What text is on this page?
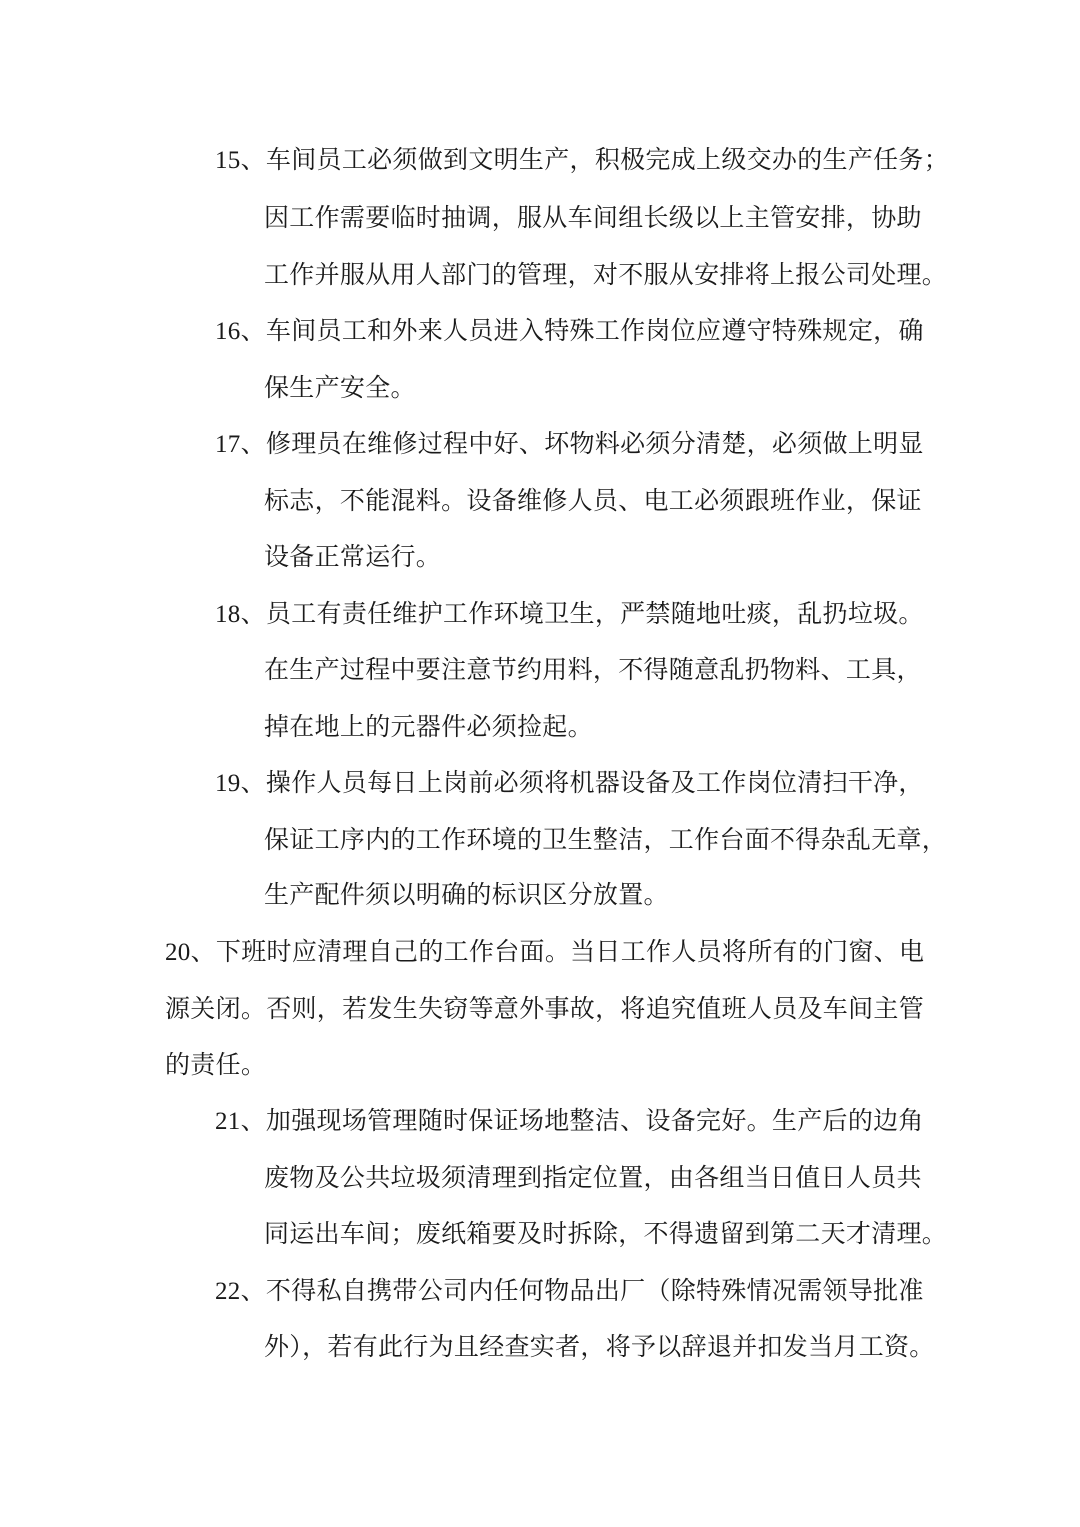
15、车间员工必须做到文明生产，积极完成上级交办的生产任务；
因工作需要临时抽调，服从车间组长级以上主管安排，协助
工作并服从用人部门的管理，对不服从安排将上报公司处理。
16、车间员工和外来人员进入特殊工作岗位应遵守特殊规定，确
保生产安全。
17、修理员在维修过程中好、坏物料必须分清楚，必须做上明显
标志，不能混料。设备维修人员、电工必须跟班作业，保证
设备正常运行。
18、员工有责任维护工作环境卫生，严禁随地吐痰，乱扔垃圾。
在生产过程中要注意节约用料，不得随意乱扔物料、工具，
掉在地上的元器件必须捡起。
19、操作人员每日上岗前必须将机器设备及工作岗位清扫干净，
保证工序内的工作环境的卫生整洁，工作台面不得杂乱无章，
生产配件须以明确的标识区分放置。
20、下班时应清理自己的工作台面。当日工作人员将所有的门窗、电
源关闭。否则，若发生失窃等意外事故，将追究值班人员及车间主管
的责任。
21、加强现场管理随时保证场地整洁、设备完好。生产后的边角
废物及公共垃圾须清理到指定位置，由各组当日值日人员共
同运出车间；废纸箱要及时拆除，不得遗留到第二天才清理。
22、不得私自携带公司内任何物品出厂（除特殊情况需领导批准
外），若有此行为且经查实者，将予以辞退并扣发当月工资。
